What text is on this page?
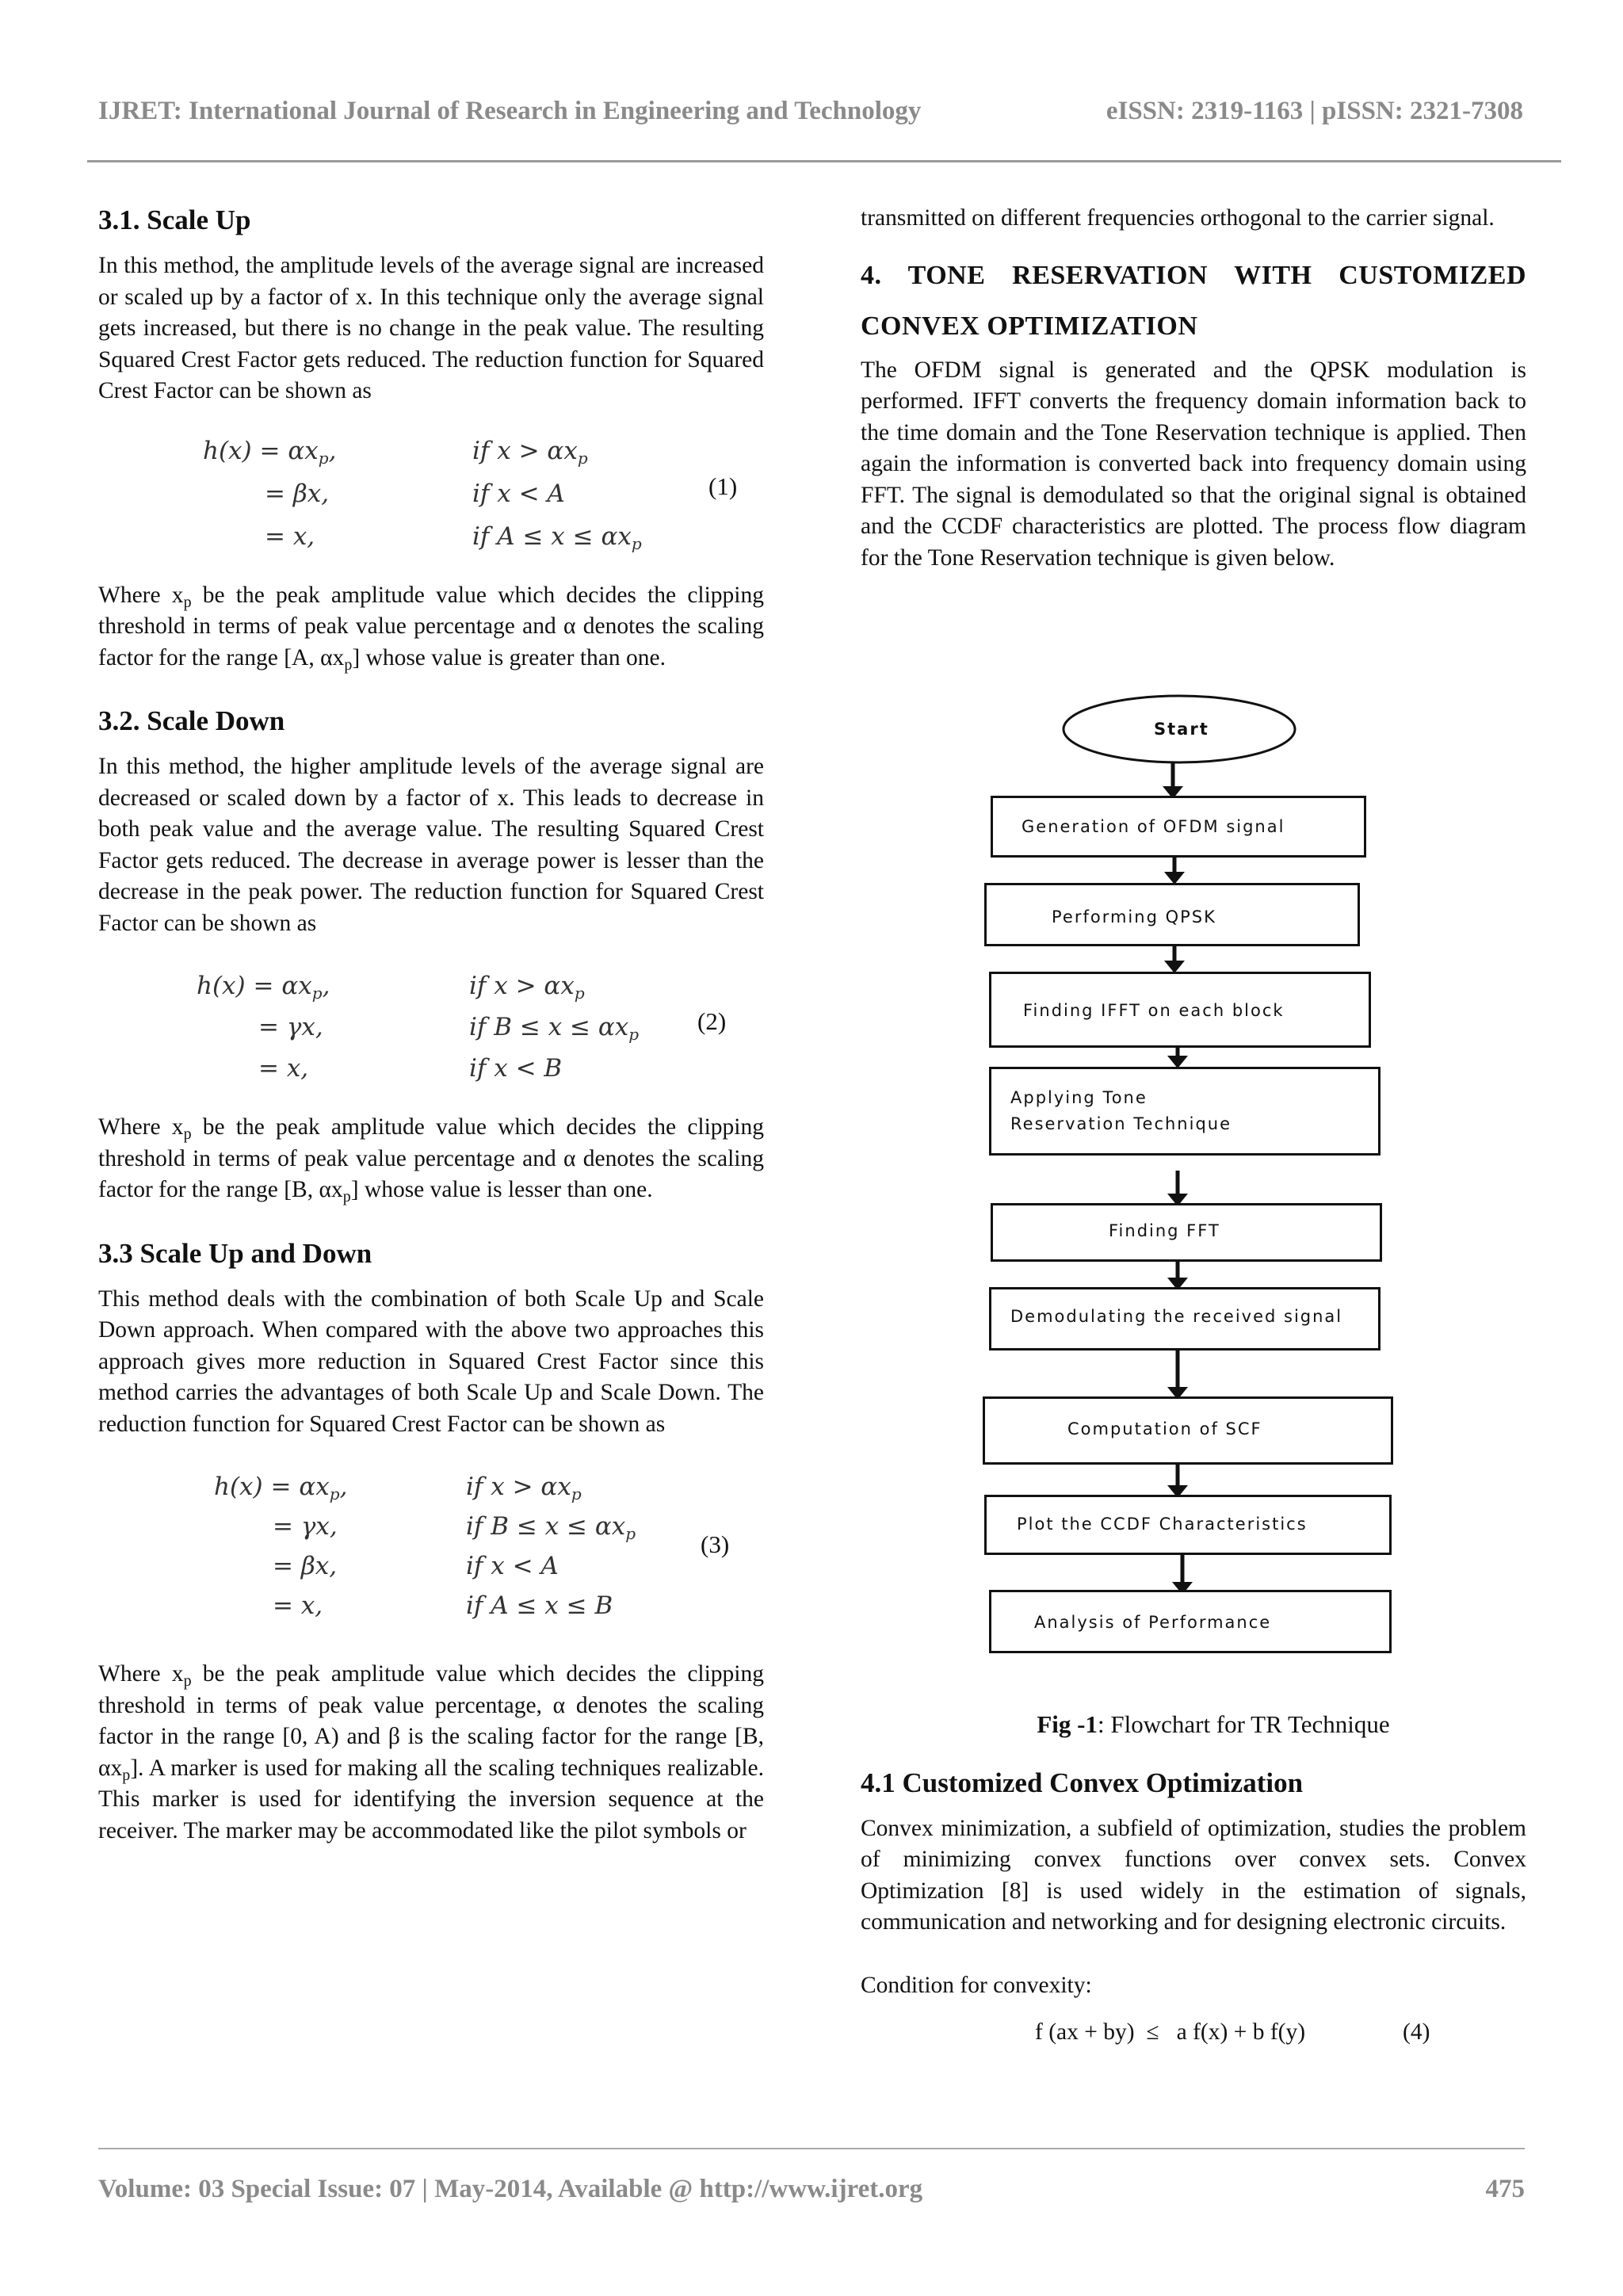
IJRET: International Journal of Research in Engineering and Technology	eISSN: 2319-1163 | pISSN: 2321-7308
3.1. Scale Up

In this method, the amplitude levels of the average signal are increased or scaled up by a factor of x. In this technique only the average signal gets increased, but there is no change in the peak value. The resulting Squared Crest Factor gets reduced. The reduction function for Squared Crest Factor can be shown as

$h(x) = \alpha x_p$,	if $x > \alpha x_p$
= βx,	if x < A
= x,	if $A \le x \le \alpha x_p$
(1)

Where $x_p$ be the peak amplitude value which decides the clipping threshold in terms of peak value percentage and α denotes the scaling factor for the range [A, $\alpha x_p$] whose value is greater than one.

3.2. Scale Down

In this method, the higher amplitude levels of the average signal are decreased or scaled down by a factor of x. This leads to decrease in both peak value and the average value. The resulting Squared Crest Factor gets reduced. The decrease in average power is lesser than the decrease in the peak power. The reduction function for Squared Crest Factor can be shown as

$h(x) = \alpha x_p$,	if $x > \alpha x_p$
= γx,	if $B \le x \le \alpha x_p$
= x,	if x < B
(2)

Where $x_p$ be the peak amplitude value which decides the clipping threshold in terms of peak value percentage and α denotes the scaling factor for the range [B, $\alpha x_p$] whose value is lesser than one.

3.3 Scale Up and Down

This method deals with the combination of both Scale Up and Scale Down approach. When compared with the above two approaches this approach gives more reduction in Squared Crest Factor since this method carries the advantages of both Scale Up and Scale Down. The reduction function for Squared Crest Factor can be shown as

$h(x) = \alpha x_p$,	if $x > \alpha x_p$
= γx,	if $B \le x \le \alpha x_p$
= βx,	if x < A
= x,	if A ≤ x ≤ B
(3)

Where $x_p$ be the peak amplitude value which decides the clipping threshold in terms of peak value percentage, α denotes the scaling factor in the range [0, A) and β is the scaling factor for the range [B, $\alpha x_p$]. A marker is used for making all the scaling techniques realizable. This marker is used for identifying the inversion sequence at the receiver. The marker may be accommodated like the pilot symbols or

transmitted on different frequencies orthogonal to the carrier signal.

4. TONE RESERVATION WITH CUSTOMIZED CONVEX OPTIMIZATION

The OFDM signal is generated and the QPSK modulation is performed. IFFT converts the frequency domain information back to the time domain and the Tone Reservation technique is applied. Then again the information is converted back into frequency domain using FFT. The signal is demodulated so that the original signal is obtained and the CCDF characteristics are plotted. The process flow diagram for the Tone Reservation technique is given below.

Start
Generation of OFDM signal
Performing QPSK
Finding IFFT on each block
Applying Tone Reservation Technique
Finding FFT
Demodulating the received signal
Computation of SCF
Plot the CCDF Characteristics
Analysis of Performance
Fig -1: Flowchart for TR Technique
4.1 Customized Convex Optimization

Convex minimization, a subfield of optimization, studies the problem of minimizing convex functions over convex sets. Convex Optimization [8] is used widely in the estimation of signals, communication and networking and for designing electronic circuits.

Condition for convexity:

f (ax + by)  ≤   a f(x) + b f(y)	(4)
Volume: 03 Special Issue: 07 | May-2014, Available @ http://www.ijret.org	475
